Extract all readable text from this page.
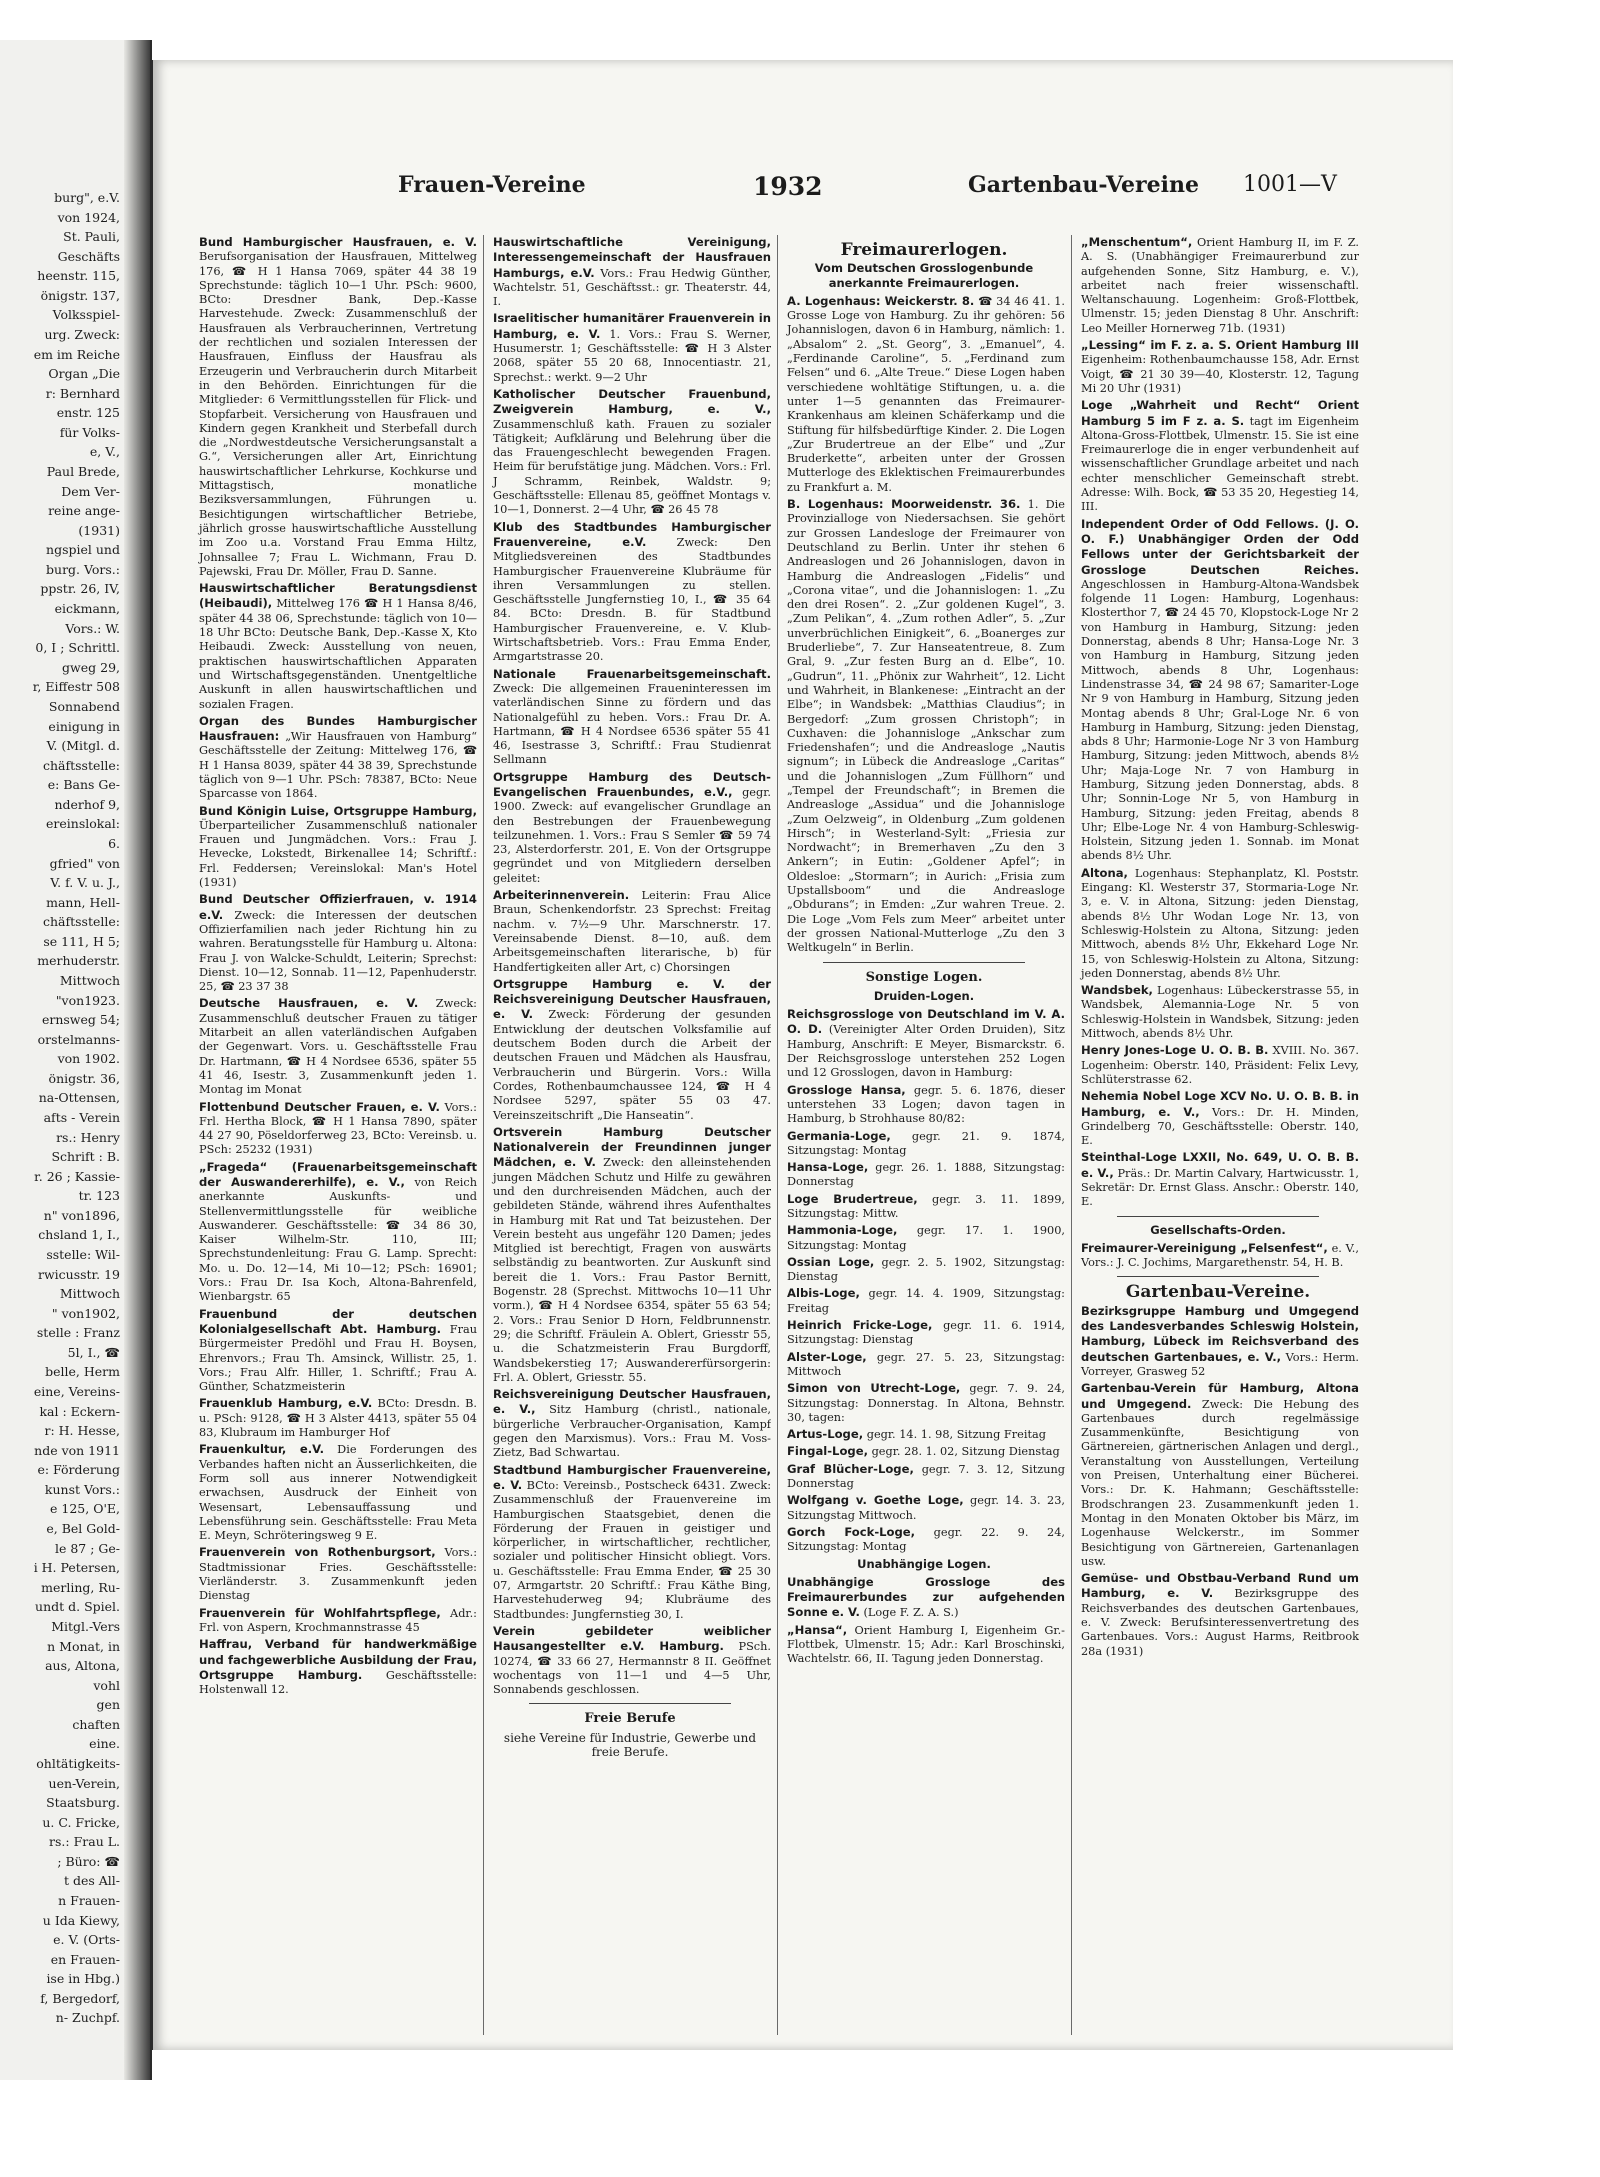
burg", e.V.
von 1924,
St. Pauli,
Geschäfts
heenstr. 115,
önigstr. 137,
Volksspiel-
urg. Zweck:
em im Reiche
Organ „Die
r: Bernhard
enstr. 125
für Volks-
e, V.,
Paul Brede,
Dem Ver-
reine ange-
(1931)
ngspiel und
burg. Vors.:
ppstr. 26, IV,
eickmann,
Vors.: W.
0, I ; Schrittl.
gweg 29,
r, Eiffestr 508
Sonnabend
einigung in
V. (Mitgl. d.
chäftsstelle:
e: Bans Ge-
nderhof 9,
ereinslokal:
6.
gfried" von
V. f. V. u. J.,
mann, Hell-
chäftsstelle:
se 111, H 5;
merhuderstr.
Mittwoch
"von1923.
ernsweg 54;
orstelmanns-
von 1902.
önigstr. 36,
na-Ottensen,
afts - Verein
rs.: Henry
Schrift : B.
r. 26 ; Kassie-
tr. 123
n" von1896,
chsland 1, I.,
sstelle: Wil-
rwicusstr. 19
Mittwoch
" von1902,
stelle : Franz
5l, I., ☎
belle, Herm
eine, Vereins-
kal : Eckern-
r: H. Hesse,
nde von 1911
e: Förderung
kunst Vors.:
e 125, O'E,
e, Bel Gold-
le 87 ; Ge-
i H. Petersen,
merling, Ru-
undt d. Spiel.
Mitgl.-Vers
n Monat, in
aus, Altona,
vohl
gen
chaften
eine.
ohltätigkeits-
uen-Verein,
Staatsburg.
u. C. Fricke,
rs.: Frau L.
; Büro: ☎
t des All-
n Frauen-
u Ida Kiewy,
e. V. (Orts-
en Frauen-
ise in Hbg.)
f, Bergedorf,
n- Zuchpf.
Frauen-Vereine	1932	Gartenbau-Vereine 1001—V

Bund Hamburgischer Hausfrauen, e. V. Berufsorganisation der Hausfrauen, Mittelweg 176, ☎ H 1 Hansa 7069, später 44 38 19 Sprechstunde: täglich 10—1 Uhr. PSch: 9600, BCto: Dresdner Bank, Dep.-Kasse Harvestehude. Zweck: Zusammenschluß der Hausfrauen als Verbraucherinnen, Vertretung der rechtlichen und sozialen Interessen der Hausfrauen, Einfluss der Hausfrau als Erzeugerin und Verbraucherin durch Mitarbeit in den Behörden. Einrichtungen für die Mitglieder: 6 Vermittlungsstellen für Flick- und Stopfarbeit. Versicherung von Hausfrauen und Kindern gegen Krankheit und Sterbefall durch die „Nordwestdeutsche Versicherungsanstalt a G.“, Versicherungen aller Art, Einrichtung hauswirtschaftlicher Lehrkurse, Kochkurse und Mittagstisch, monatliche Beziksversammlungen, Führungen u. Besichtigungen wirtschaftlicher Betriebe, jährlich grosse hauswirtschaftliche Ausstellung im Zoo u.a. Vorstand Frau Emma Hiltz, Johnsallee 7; Frau L. Wichmann, Frau D. Pajewski, Frau Dr. Möller, Frau D. Sanne.

Hauswirtschaftlicher Beratungsdienst (Heibaudi), Mittelweg 176 ☎ H 1 Hansa 8/46, später 44 38 06, Sprechstunde: täglich von 10—18 Uhr BCto: Deutsche Bank, Dep.-Kasse X, Kto Heibaudi. Zweck: Ausstellung von neuen, praktischen hauswirtschaftlichen Apparaten und Wirtschaftsgegenständen. Unentgeltliche Auskunft in allen hauswirtschaftlichen und sozialen Fragen.

Organ des Bundes Hamburgischer Hausfrauen: „Wir Hausfrauen von Hamburg“ Geschäftsstelle der Zeitung: Mittelweg 176, ☎ H 1 Hansa 8039, später 44 38 39, Sprechstunde täglich von 9—1 Uhr. PSch: 78387, BCto: Neue Sparcasse von 1864.

Bund Königin Luise, Ortsgruppe Hamburg, Überparteilicher Zusammenschluß nationaler Frauen und Jungmädchen. Vors.: Frau J. Hevecke, Lokstedt, Birkenallee 14; Schriftf.: Frl. Feddersen; Vereinslokal: Man's Hotel (1931)

Bund Deutscher Offizierfrauen, v. 1914 e.V. Zweck: die Interessen der deutschen Offizierfamilien nach jeder Richtung hin zu wahren. Beratungsstelle für Hamburg u. Altona: Frau J. von Walcke-Schuldt, Leiterin; Sprechst: Dienst. 10—12, Sonnab. 11—12, Papenhuderstr. 25, ☎ 23 37 38

Deutsche Hausfrauen, e. V. Zweck: Zusammenschluß deutscher Frauen zu tätiger Mitarbeit an allen vaterländischen Aufgaben der Gegenwart. Vors. u. Geschäftsstelle Frau Dr. Hartmann, ☎ H 4 Nordsee 6536, später 55 41 46, Isestr. 3, Zusammenkunft jeden 1. Montag im Monat

Flottenbund Deutscher Frauen, e. V. Vors.: Frl. Hertha Block, ☎ H 1 Hansa 7890, später 44 27 90, Pöseldorferweg 23, BCto: Vereinsb. u. PSch: 25232 (1931)

„Frageda“ (Frauenarbeitsgemeinschaft der Auswandererhilfe), e. V., von Reich anerkannte Auskunfts- und Stellenvermittlungsstelle für weibliche Auswanderer. Geschäftsstelle: ☎ 34 86 30, Kaiser Wilhelm-Str. 110, III; Sprechstundenleitung: Frau G. Lamp. Sprecht: Mo. u. Do. 12—14, Mi 10—12; PSch: 16901; Vors.: Frau Dr. Isa Koch, Altona-Bahrenfeld, Wienbargstr. 65

Frauenbund der deutschen Kolonialgesellschaft Abt. Hamburg. Frau Bürgermeister Predöhl und Frau H. Boysen, Ehrenvors.; Frau Th. Amsinck, Willistr. 25, 1. Vors.; Frau Alfr. Hiller, 1. Schriftf.; Frau A. Günther, Schatzmeisterin

Frauenklub Hamburg, e.V. BCto: Dresdn. B. u. PSch: 9128, ☎ H 3 Alster 4413, später 55 04 83, Klubraum im Hamburger Hof

Frauenkultur, e.V. Die Forderungen des Verbandes haften nicht an Äusserlichkeiten, die Form soll aus innerer Notwendigkeit erwachsen, Ausdruck der Einheit von Wesensart, Lebensauffassung und Lebensführung sein. Geschäftsstelle: Frau Meta E. Meyn, Schröteringsweg 9 E.

Frauenverein von Rothenburgsort, Vors.: Stadtmissionar Fries. Geschäftsstelle: Vierländerstr. 3. Zusammenkunft jeden Dienstag

Frauenverein für Wohlfahrtspflege, Adr.: Frl. von Aspern, Krochmannstrasse 45

Haffrau, Verband für handwerkmäßige und fachgewerbliche Ausbildung der Frau, Ortsgruppe Hamburg. Geschäftsstelle: Holstenwall 12.

Hauswirtschaftliche Vereinigung, Interessengemeinschaft der Hausfrauen Hamburgs, e.V. Vors.: Frau Hedwig Günther, Wachtelstr. 51, Geschäftsst.: gr. Theaterstr. 44, I.

Israelitischer humanitärer Frauenverein in Hamburg, e. V. 1. Vors.: Frau S. Werner, Husumerstr. 1; Geschäftsstelle: ☎ H 3 Alster 2068, später 55 20 68, Innocentiastr. 21, Sprechst.: werkt. 9—2 Uhr

Katholischer Deutscher Frauenbund, Zweigverein Hamburg, e. V., Zusammenschluß kath. Frauen zu sozialer Tätigkeit; Aufklärung und Belehrung über die das Frauengeschlecht bewegenden Fragen. Heim für berufstätige jung. Mädchen. Vors.: Frl. J Schramm, Reinbek, Waldstr. 9; Geschäftsstelle: Ellenau 85, geöffnet Montags v. 10—1, Donnerst. 2—4 Uhr, ☎ 26 45 78

Klub des Stadtbundes Hamburgischer Frauenvereine, e.V. Zweck: Den Mitgliedsvereinen des Stadtbundes Hamburgischer Frauenvereine Klubräume für ihren Versammlungen zu stellen. Geschäftsstelle Jungfernstieg 10, I., ☎ 35 64 84. BCto: Dresdn. B. für Stadtbund Hamburgischer Frauenvereine, e. V. Klub-Wirtschaftsbetrieb. Vors.: Frau Emma Ender, Armgartstrasse 20.

Nationale Frauenarbeitsgemeinschaft. Zweck: Die allgemeinen Fraueninteressen im vaterländischen Sinne zu fördern und das Nationalgefühl zu heben. Vors.: Frau Dr. A. Hartmann, ☎ H 4 Nordsee 6536 später 55 41 46, Isestrasse 3, Schriftf.: Frau Studienrat Sellmann

Ortsgruppe Hamburg des Deutsch-Evangelischen Frauenbundes, e.V., gegr. 1900. Zweck: auf evangelischer Grundlage an den Bestrebungen der Frauenbewegung teilzunehmen. 1. Vors.: Frau S Semler ☎ 59 74 23, Alsterdorferstr. 201, E. Von der Ortsgruppe gegründet und von Mitgliedern derselben geleitet:

Arbeiterinnenverein. Leiterin: Frau Alice Braun, Schenkendorfstr. 23 Sprechst: Freitag nachm. v. 7½—9 Uhr. Marschnerstr. 17. Vereinsabende Dienst. 8—10, auß. dem Arbeitsgemeinschaften literarische, b) für Handfertigkeiten aller Art, c) Chorsingen

Ortsgruppe Hamburg e. V. der Reichsvereinigung Deutscher Hausfrauen, e. V. Zweck: Förderung der gesunden Entwicklung der deutschen Volksfamilie auf deutschem Boden durch die Arbeit der deutschen Frauen und Mädchen als Hausfrau, Verbraucherin und Bürgerin. Vors.: Willa Cordes, Rothenbaumchaussee 124, ☎ H 4 Nordsee 5297, später 55 03 47. Vereinszeitschrift „Die Hanseatin“.

Ortsverein Hamburg Deutscher Nationalverein der Freundinnen junger Mädchen, e. V. Zweck: den alleinstehenden jungen Mädchen Schutz und Hilfe zu gewähren und den durchreisenden Mädchen, auch der gebildeten Stände, während ihres Aufenthaltes in Hamburg mit Rat und Tat beizustehen. Der Verein besteht aus ungefähr 120 Damen; jedes Mitglied ist berechtigt, Fragen von auswärts selbständig zu beantworten. Zur Auskunft sind bereit die 1. Vors.: Frau Pastor Bernitt, Bogenstr. 28 (Sprechst. Mittwochs 10—11 Uhr vorm.), ☎ H 4 Nordsee 6354, später 55 63 54; 2. Vors.: Frau Senior D Horn, Feldbrunnenstr. 29; die Schriftf. Fräulein A. Oblert, Griesstr 55, u. die Schatzmeisterin Frau Burgdorff, Wandsbekerstieg 17; Auswandererfürsorgerin: Frl. A. Oblert, Griesstr. 55.

Reichsvereinigung Deutscher Hausfrauen, e. V., Sitz Hamburg (christl., nationale, bürgerliche Verbraucher-Organisation, Kampf gegen den Marxismus). Vors.: Frau M. Voss-Zietz, Bad Schwartau.

Stadtbund Hamburgischer Frauenvereine, e. V. BCto: Vereinsb., Postscheck 6431. Zweck: Zusammenschluß der Frauenvereine im Hamburgischen Staatsgebiet, denen die Förderung der Frauen in geistiger und körperlicher, in wirtschaftlicher, rechtlicher, sozialer und politischer Hinsicht obliegt. Vors. u. Geschäftsstelle: Frau Emma Ender, ☎ 25 30 07, Armgartstr. 20 Schriftf.: Frau Käthe Bing, Harvestehuderweg 94; Klubräume des Stadtbundes: Jungfernstieg 30, I.

Verein gebildeter weiblicher Hausangestellter e.V. Hamburg. PSch. 10274, ☎ 33 66 27, Hermannstr 8 II. Geöffnet wochentags von 11—1 und 4—5 Uhr, Sonnabends geschlossen.

Freie Berufe
siehe Vereine für Industrie, Gewerbe und freie Berufe.
Freimaurerlogen.
Vom Deutschen Grosslogenbunde anerkannte Freimaurerlogen.

A. Logenhaus: Weickerstr. 8. ☎ 34 46 41. 1. Grosse Loge von Hamburg. Zu ihr gehören: 56 Johannislogen, davon 6 in Hamburg, nämlich: 1. „Absalom“ 2. „St. Georg“, 3. „Emanuel“, 4. „Ferdinande Caroline“, 5. „Ferdinand zum Felsen“ und 6. „Alte Treue.“ Diese Logen haben verschiedene wohltätige Stiftungen, u. a. die unter 1—5 genannten das Freimaurer-Krankenhaus am kleinen Schäferkamp und die Stiftung für hilfsbedürftige Kinder. 2. Die Logen „Zur Brudertreue an der Elbe“ und „Zur Bruderkette“, arbeiten unter der Grossen Mutterloge des Eklektischen Freimaurerbundes zu Frankfurt a. M.

B. Logenhaus: Moorweidenstr. 36. 1. Die Provinzialloge von Niedersachsen. Sie gehört zur Grossen Landesloge der Freimaurer von Deutschland zu Berlin. Unter ihr stehen 6 Andreaslogen und 26 Johannislogen, davon in Hamburg die Andreaslogen „Fidelis“ und „Corona vitae“, und die Johannislogen: 1. „Zu den drei Rosen“. 2. „Zur goldenen Kugel“, 3. „Zum Pelikan“, 4. „Zum rothen Adler“, 5. „Zur unverbrüchlichen Einigkeit“, 6. „Boanerges zur Bruderliebe“, 7. Zur Hanseatentreue, 8. Zum Gral, 9. „Zur festen Burg an d. Elbe“, 10. „Gudrun“, 11. „Phönix zur Wahrheit“, 12. Licht und Wahrheit, in Blankenese: „Eintracht an der Elbe“; in Wandsbek: „Matthias Claudius“; in Bergedorf: „Zum grossen Christoph“; in Cuxhaven: die Johannisloge „Ankschar zum Friedenshafen“; und die Andreasloge „Nautis signum“; in Lübeck die Andreasloge „Caritas“ und die Johannislogen „Zum Füllhorn“ und „Tempel der Freundschaft“; in Bremen die Andreasloge „Assidua“ und die Johannisloge „Zum Oelzweig“, in Oldenburg „Zum goldenen Hirsch“; in Westerland-Sylt: „Friesia zur Nordwacht“; in Bremerhaven „Zu den 3 Ankern“; in Eutin: „Goldener Apfel“; in Oldesloe: „Stormarn“; in Aurich: „Frisia zum Upstallsboom“ und die Andreasloge „Obdurans“; in Emden: „Zur wahren Treue. 2. Die Loge „Vom Fels zum Meer“ arbeitet unter der grossen National-Mutterloge „Zu den 3 Weltkugeln“ in Berlin.

Sonstige Logen.
Druiden-Logen.

Reichsgrossloge von Deutschland im V. A. O. D. (Vereinigter Alter Orden Druiden), Sitz Hamburg, Anschrift: E Meyer, Bismarckstr. 6. Der Reichsgrossloge unterstehen 252 Logen und 12 Grosslogen, davon in Hamburg:

Grossloge Hansa, gegr. 5. 6. 1876, dieser unterstehen 33 Logen; davon tagen in Hamburg, b Strohhause 80/82:

Germania-Loge, gegr. 21. 9. 1874, Sitzungstag: Montag

Hansa-Loge, gegr. 26. 1. 1888, Sitzungstag: Donnerstag

Loge Brudertreue, gegr. 3. 11. 1899, Sitzungstag: Mittw.

Hammonia-Loge, gegr. 17. 1. 1900, Sitzungstag: Montag

Ossian Loge, gegr. 2. 5. 1902, Sitzungstag: Dienstag

Albis-Loge, gegr. 14. 4. 1909, Sitzungstag: Freitag

Heinrich Fricke-Loge, gegr. 11. 6. 1914, Sitzungstag: Dienstag

Alster-Loge, gegr. 27. 5. 23, Sitzungstag: Mittwoch

Simon von Utrecht-Loge, gegr. 7. 9. 24, Sitzungstag: Donnerstag. In Altona, Behnstr. 30, tagen:

Artus-Loge, gegr. 14. 1. 98, Sitzung Freitag

Fingal-Loge, gegr. 28. 1. 02, Sitzung Dienstag

Graf Blücher-Loge, gegr. 7. 3. 12, Sitzung Donnerstag

Wolfgang v. Goethe Loge, gegr. 14. 3. 23, Sitzungstag Mittwoch.

Gorch Fock-Loge, gegr. 22. 9. 24, Sitzungstag: Montag

Unabhängige Logen.

Unabhängige Grossloge des Freimaurerbundes zur aufgehenden Sonne e. V. (Loge F. Z. A. S.)

„Hansa“, Orient Hamburg I, Eigenheim Gr.-Flottbek, Ulmenstr. 15; Adr.: Karl Broschinski, Wachtelstr. 66, II. Tagung jeden Donnerstag.

„Menschentum“, Orient Hamburg II, im F. Z. A. S. (Unabhängiger Freimaurerbund zur aufgehenden Sonne, Sitz Hamburg, e. V.), arbeitet nach freier wissenschaftl. Weltanschauung. Logenheim: Groß-Flottbek, Ulmenstr. 15; jeden Dienstag 8 Uhr. Anschrift: Leo Meiller Hornerweg 71b. (1931)

„Lessing“ im F. z. a. S. Orient Hamburg III Eigenheim: Rothenbaumchausse 158, Adr. Ernst Voigt, ☎ 21 30 39—40, Klosterstr. 12, Tagung Mi 20 Uhr (1931)

Loge „Wahrheit und Recht“ Orient Hamburg 5 im F z. a. S. tagt im Eigenheim Altona-Gross-Flottbek, Ulmenstr. 15. Sie ist eine Freimaurerloge die in enger verbundenheit auf wissenschaftlicher Grundlage arbeitet und nach echter menschlicher Gemeinschaft strebt. Adresse: Wilh. Bock, ☎ 53 35 20, Hegestieg 14, III.

Independent Order of Odd Fellows. (J. O. O. F.) Unabhängiger Orden der Odd Fellows unter der Gerichtsbarkeit der Grossloge Deutschen Reiches. Angeschlossen in Hamburg-Altona-Wandsbek folgende 11 Logen: Hamburg, Logenhaus: Klosterthor 7, ☎ 24 45 70, Klopstock-Loge Nr 2 von Hamburg in Hamburg, Sitzung: jeden Donnerstag, abends 8 Uhr; Hansa-Loge Nr. 3 von Hamburg in Hamburg, Sitzung jeden Mittwoch, abends 8 Uhr, Logenhaus: Lindenstrasse 34, ☎ 24 98 67; Samariter-Loge Nr 9 von Hamburg in Hamburg, Sitzung jeden Montag abends 8 Uhr; Gral-Loge Nr. 6 von Hamburg in Hamburg, Sitzung: jeden Dienstag, abds 8 Uhr; Harmonie-Loge Nr 3 von Hamburg Hamburg, Sitzung: jeden Mittwoch, abends 8½ Uhr; Maja-Loge Nr. 7 von Hamburg in Hamburg, Sitzung jeden Donnerstag, abds. 8 Uhr; Sonnin-Loge Nr 5, von Hamburg in Hamburg, Sitzung: jeden Freitag, abends 8 Uhr; Elbe-Loge Nr. 4 von Hamburg-Schleswig-Holstein, Sitzung jeden 1. Sonnab. im Monat abends 8½ Uhr.

Altona, Logenhaus: Stephanplatz, Kl. Poststr. Eingang: Kl. Westerstr 37, Stormaria-Loge Nr. 3, e. V. in Altona, Sitzung: jeden Dienstag, abends 8½ Uhr Wodan Loge Nr. 13, von Schleswig-Holstein zu Altona, Sitzung: jeden Mittwoch, abends 8½ Uhr, Ekkehard Loge Nr. 15, von Schleswig-Holstein zu Altona, Sitzung: jeden Donnerstag, abends 8½ Uhr.

Wandsbek, Logenhaus: Lübeckerstrasse 55, in Wandsbek, Alemannia-Loge Nr. 5 von Schleswig-Holstein in Wandsbek, Sitzung: jeden Mittwoch, abends 8½ Uhr.

Henry Jones-Loge U. O. B. B. XVIII. No. 367. Logenheim: Oberstr. 140, Präsident: Felix Levy, Schlüterstrasse 62.

Nehemia Nobel Loge XCV No. U. O. B. B. in Hamburg, e. V., Vors.: Dr. H. Minden, Grindelberg 70, Geschäftsstelle: Oberstr. 140, E.

Steinthal-Loge LXXII, No. 649, U. O. B. B. e. V., Präs.: Dr. Martin Calvary, Hartwicusstr. 1, Sekretär: Dr. Ernst Glass. Anschr.: Oberstr. 140, E.

Gesellschafts-Orden.

Freimaurer-Vereinigung „Felsenfest“, e. V., Vors.: J. C. Jochims, Margarethenstr. 54, H. B.

Gartenbau-Vereine.

Bezirksgruppe Hamburg und Umgegend des Landesverbandes Schleswig Holstein, Hamburg, Lübeck im Reichsverband des deutschen Gartenbaues, e. V., Vors.: Herm. Vorreyer, Grasweg 52

Gartenbau-Verein für Hamburg, Altona und Umgegend. Zweck: Die Hebung des Gartenbaues durch regelmässige Zusammenkünfte, Besichtigung von Gärtnereien, gärtnerischen Anlagen und dergl., Veranstaltung von Ausstellungen, Verteilung von Preisen, Unterhaltung einer Bücherei. Vors.: Dr. K. Hahmann; Geschäftsstelle: Brodschrangen 23. Zusammenkunft jeden 1. Montag in den Monaten Oktober bis März, im Logenhause Welckerstr., im Sommer Besichtigung von Gärtnereien, Gartenanlagen usw.

Gemüse- und Obstbau-Verband Rund um Hamburg, e. V. Bezirksgruppe des Reichsverbandes des deutschen Gartenbaues, e. V. Zweck: Berufsinteressenvertretung des Gartenbaues. Vors.: August Harms, Reitbrook 28a (1931)
